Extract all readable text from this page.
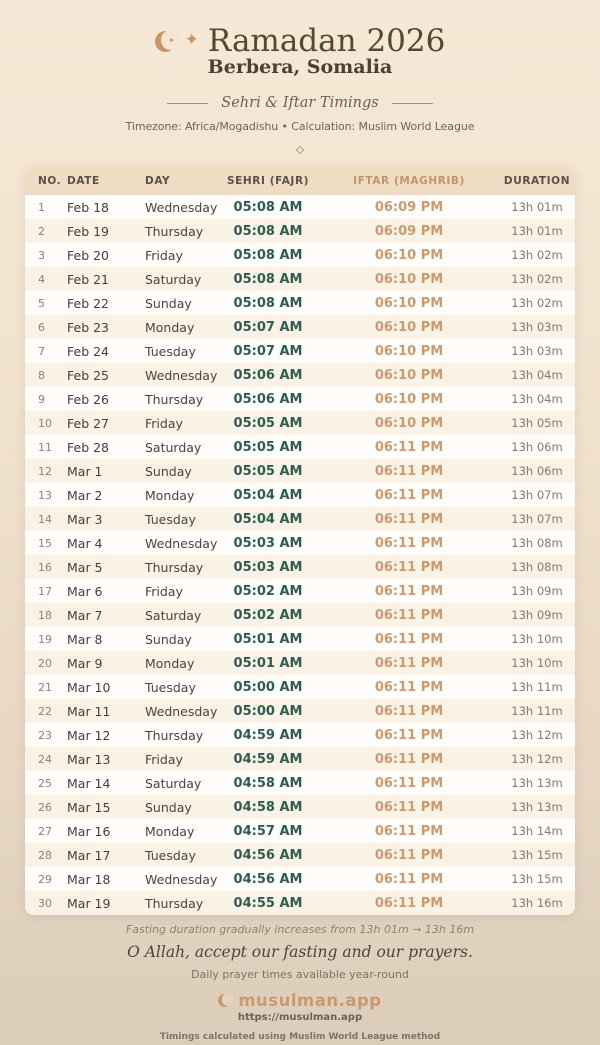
✦ ✦ Ramadan 2026
Berbera, Somalia
Sehri & Iftar Timings
Timezone: Africa/Mogadishu • Calculation: Muslim World League
NO.	DATE	DAY	SEHRI (FAJR)	IFTAR (MAGHRIB)	DURATION
1	Feb 18	Wednesday	05:08 AM	06:09 PM	13h 01m
2	Feb 19	Thursday	05:08 AM	06:09 PM	13h 01m
3	Feb 20	Friday	05:08 AM	06:10 PM	13h 02m
4	Feb 21	Saturday	05:08 AM	06:10 PM	13h 02m
5	Feb 22	Sunday	05:08 AM	06:10 PM	13h 02m
6	Feb 23	Monday	05:07 AM	06:10 PM	13h 03m
7	Feb 24	Tuesday	05:07 AM	06:10 PM	13h 03m
8	Feb 25	Wednesday	05:06 AM	06:10 PM	13h 04m
9	Feb 26	Thursday	05:06 AM	06:10 PM	13h 04m
10	Feb 27	Friday	05:05 AM	06:10 PM	13h 05m
11	Feb 28	Saturday	05:05 AM	06:11 PM	13h 06m
12	Mar 1	Sunday	05:05 AM	06:11 PM	13h 06m
13	Mar 2	Monday	05:04 AM	06:11 PM	13h 07m
14	Mar 3	Tuesday	05:04 AM	06:11 PM	13h 07m
15	Mar 4	Wednesday	05:03 AM	06:11 PM	13h 08m
16	Mar 5	Thursday	05:03 AM	06:11 PM	13h 08m
17	Mar 6	Friday	05:02 AM	06:11 PM	13h 09m
18	Mar 7	Saturday	05:02 AM	06:11 PM	13h 09m
19	Mar 8	Sunday	05:01 AM	06:11 PM	13h 10m
20	Mar 9	Monday	05:01 AM	06:11 PM	13h 10m
21	Mar 10	Tuesday	05:00 AM	06:11 PM	13h 11m
22	Mar 11	Wednesday	05:00 AM	06:11 PM	13h 11m
23	Mar 12	Thursday	04:59 AM	06:11 PM	13h 12m
24	Mar 13	Friday	04:59 AM	06:11 PM	13h 12m
25	Mar 14	Saturday	04:58 AM	06:11 PM	13h 13m
26	Mar 15	Sunday	04:58 AM	06:11 PM	13h 13m
27	Mar 16	Monday	04:57 AM	06:11 PM	13h 14m
28	Mar 17	Tuesday	04:56 AM	06:11 PM	13h 15m
29	Mar 18	Wednesday	04:56 AM	06:11 PM	13h 15m
30	Mar 19	Thursday	04:55 AM	06:11 PM	13h 16m
Fasting duration gradually increases from 13h 01m → 13h 16m
O Allah, accept our fasting and our prayers.
Daily prayer times available year-round
musulman.app
https://musulman.app
Timings calculated using Muslim World League method
